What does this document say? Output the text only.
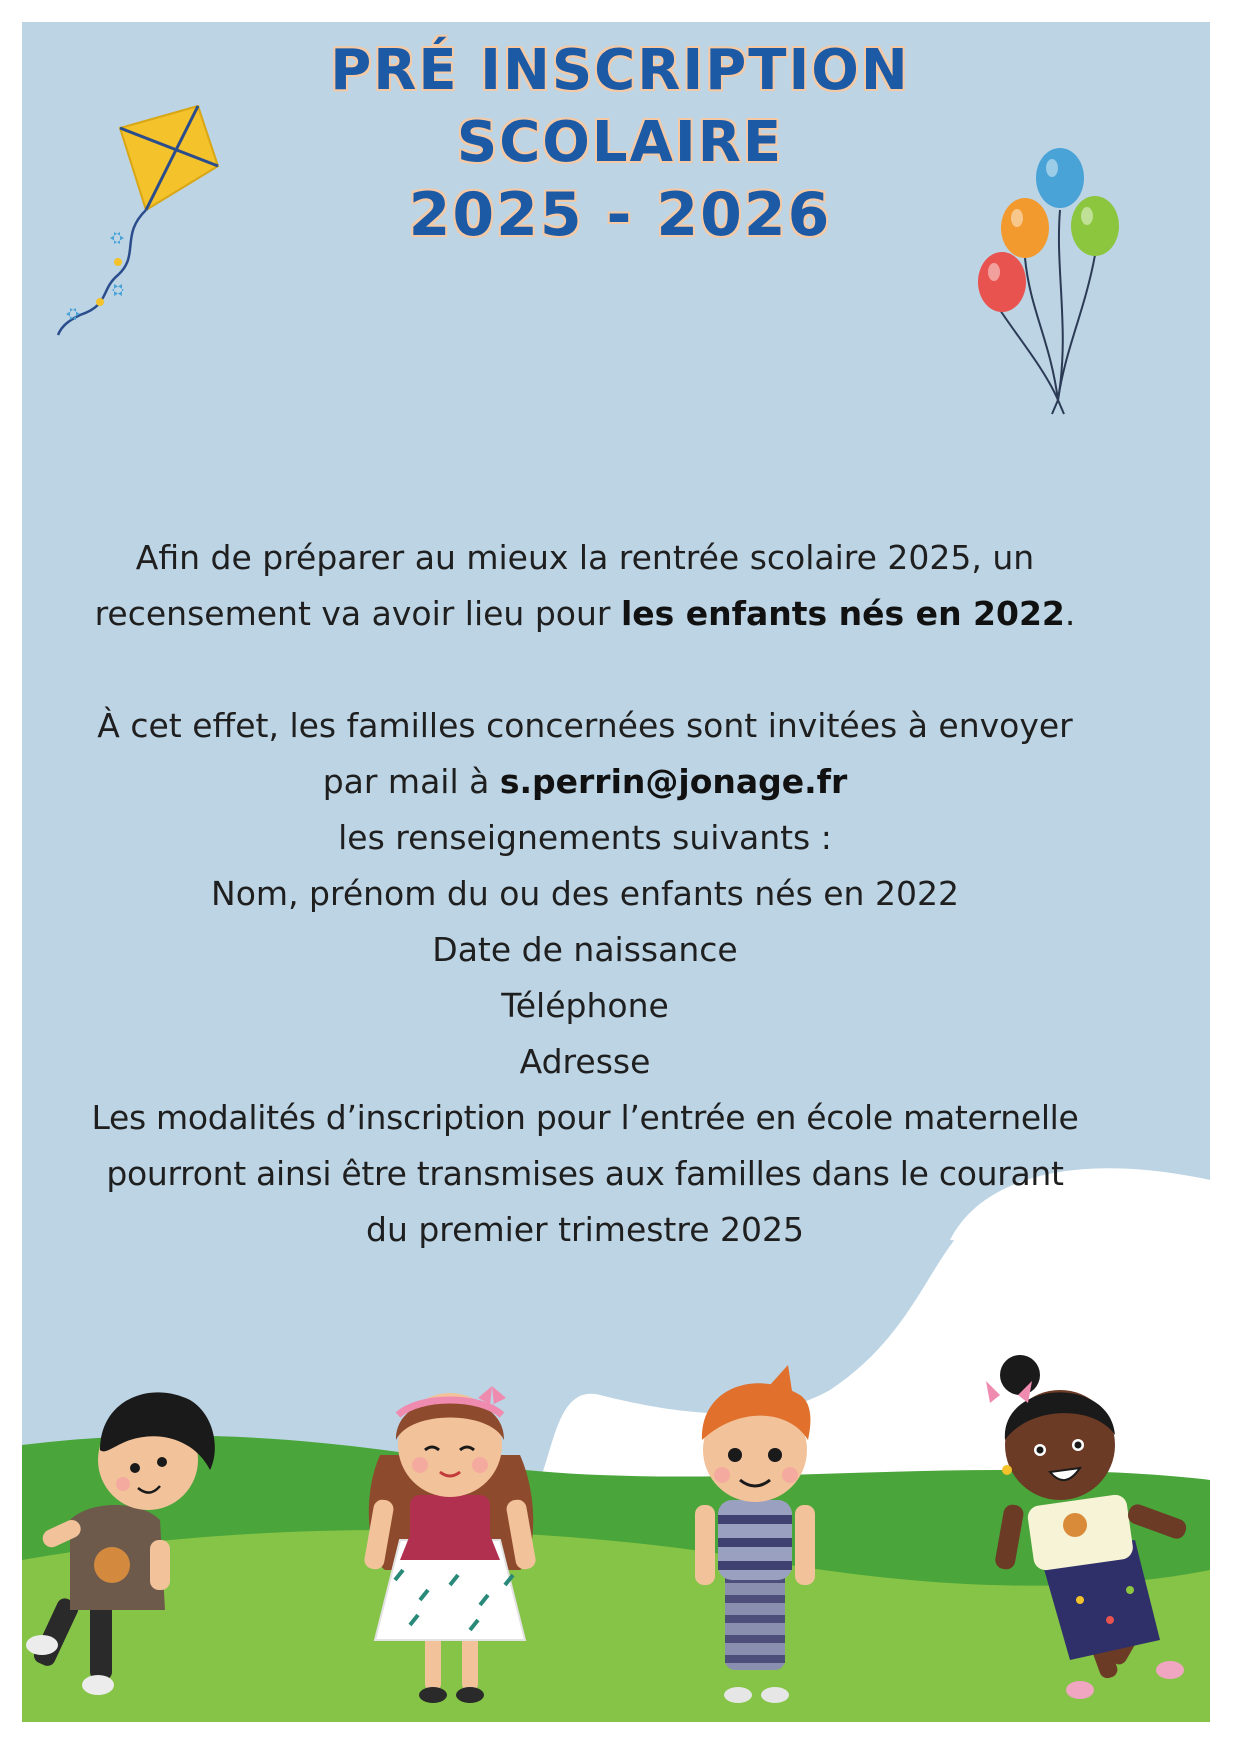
PRÉ INSCRIPTION
SCOLAIRE
2025 - 2026

Afin de préparer au mieux la rentrée scolaire 2025, un

recensement va avoir lieu pour les enfants nés en 2022.

À cet effet, les familles concernées sont invitées à envoyer

par mail à s.perrin@jonage.fr

les renseignements suivants :

Nom, prénom du ou des enfants nés en 2022

Date de naissance

Téléphone

Adresse

Les modalités d’inscription pour l’entrée en école maternelle

pourront ainsi être transmises aux familles dans le courant

du premier trimestre 2025
